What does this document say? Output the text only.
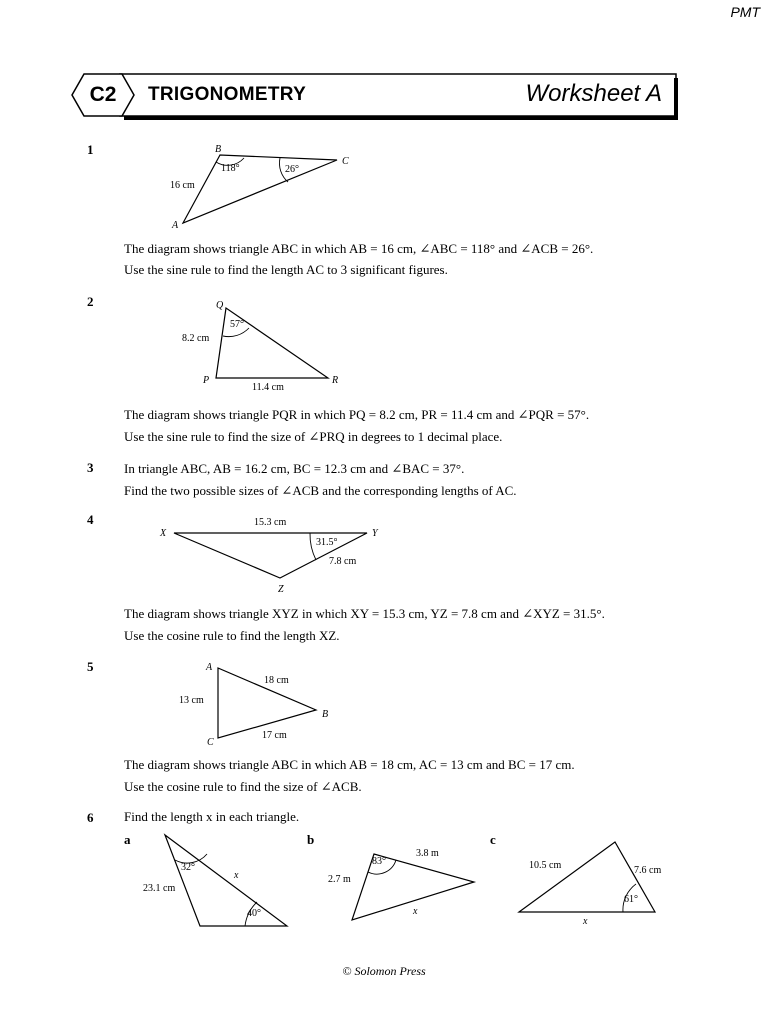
PMT
C2	TRIGONOMETRY	Worksheet A
1	B
C
A
16 cm
118°	26°
The diagram shows triangle ABC in which AB = 16 cm, ∠ABC = 118° and ∠ACB = 26°.
Use the sine rule to find the length AC to 3 significant figures.
2	Q
P	R
8.2 cm
11.4 cm
57°
The diagram shows triangle PQR in which PQ = 8.2 cm, PR = 11.4 cm and ∠PQR = 57°.
Use the sine rule to find the size of ∠PRQ in degrees to 1 decimal place.
3 In triangle ABC, AB = 16.2 cm, BC = 12.3 cm and ∠BAC = 37°.
Find the two possible sizes of ∠ACB and the corresponding lengths of AC.
4
X	Y
Z
15.3 cm
7.8 cm
31.5°
The diagram shows triangle XYZ in which XY = 15.3 cm, YZ = 7.8 cm and ∠XYZ = 31.5°.
Use the cosine rule to find the length XZ.
5	A
B
C
18 cm
13 cm
17 cm
The diagram shows triangle ABC in which AB = 18 cm, AC = 13 cm and BC = 17 cm.
Use the cosine rule to find the size of ∠ACB.
6 Find the length x in each triangle.
a	b	c
23.1 cm
32°
40°
x	2.7 m
3.8 m
83°
x
10.5 cm	7.6 cm
61°
x
© Solomon Press
